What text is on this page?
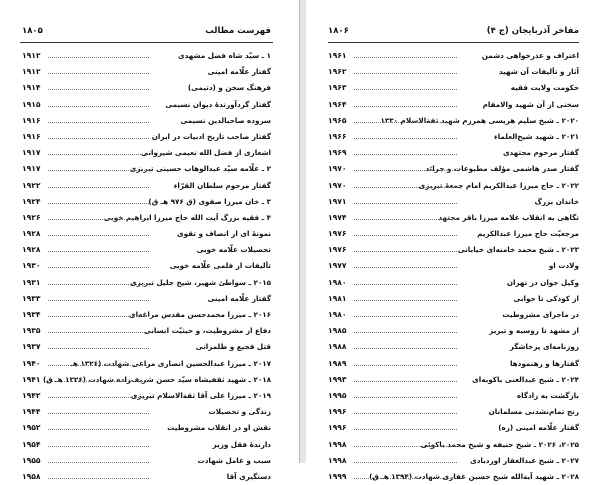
فهرست مطالب
۱۸۰۵
۱ ـ سیّد شاه فضل مشهدی
۱۹۱۲
گفتار علّامه امینی
۱۹۱۲
فرهنگ سخن و (دتیمی)
۱۹۱۴
گفتار گردآورندهٔ دیوان نسیمی
۱۹۱۵
سروده صاحبالدین نسیمی
۱۹۱۶
گفتار صاحب تاریخ ادبیات در ایران
۱۹۱۶
اشعاری از فضل الله نعیمی شیروانی
۱۹۱۷
۲ ـ علّامه سیّد عبدالوهاب حسینی تبریزی
۱۹۱۷
گفتار مرحوم سلطان القرّاء
۱۹۲۲
۳ ـ خان میرزا صفوی (ق ۹۷۶ هـ ق)
۱۹۲۴
۴ ـ فقیه بزرگ آیت الله حاج میرزا ابراهیم خوبی
۱۹۲۶
نمونهٔ ای از انصاف و تقوی
۱۹۲۸
تحصیلات علّامه خوبی
۱۹۲۸
تألیفات از فلمی علّامه خوبی
۱۹۳۰
۲۰۱۵ ـ سواطئ شهیر، شیخ جلیل تبریزی
۱۹۳۱
گفتار علّامه امینی
۱۹۳۳
۲۰۱۶ ـ میرزا محمدحسن مقدس مراغه‌ای
۱۹۳۴
دفاع از مشروطیت، و حیثیّت انسانی
۱۹۳۵
قتل فجیع و ظلمرانی
۱۹۳۷
۲۰۱۷ ـ میرزا عبدالحسین انصاری مراغی شهادت (۱۳۲۶ هـ
۱۹۴۰
۲۰۱۸ ـ شهید ثقفیشاه سیّد حسن شریف‌زاده شهادت (۱۳۲۶ هـ ق)
۱۹۴۱
۲۰۱۹ ـ میرزا علی آقا ثقةالاسلام تبریزی
۱۹۴۲
زندگی و تحصیلات
۱۹۴۴
نقش او در انقلاب مشروطیت
۱۹۵۲
دارندهٔ فقل وزیر
۱۹۵۴
سبب و عامل شهادت
۱۹۵۵
دستگیری آقا
۱۹۵۸
مفاخر آذربایجان (ج ۴)
۱۸۰۶
اعتراف و عذرخواهی دشمن
۱۹۶۱
آثار و تألیفات آن شهید
۱۹۶۲
حکومت ولایت فقیه
۱۹۶۳
سخنی از آن شهید والامقام
۱۹۶۴
۲۰۲۰ ـ شیخ سلیم هریسی همرزم شهید ثقةالاسلام ۱۳۳۰
۱۹۶۵
۲۰۲۱ ـ شهید شیخ‌العلماء
۱۹۶۶
گفتار مرحوم مجتهدی
۱۹۶۹
گفتار صدر هاشمی مؤلف مطبوعات و جرائد
۱۹۷۰
۲۰۲۲ ـ حاج میرزا عبدالکریم امام جمعهٔ تبریزی
۱۹۷۰
خاندان بزرگ
۱۹۷۱
تگاهی به انقلاب علامه میرزا باقر مجتهد
۱۹۷۴
مرجعیّت حاج میرزا عبدالکریم
۱۹۷۶
۲۰۲۳ ـ شیخ محمد خامنه‌ای خیابانی
۱۹۷۶
ولادت او
۱۹۷۷
وکیل جوان در تهران
۱۹۸۰
از کودکی تا جوانی
۱۹۸۱
در ماجرای مشروطیت
۱۹۸۰
از مشهد تا روسیه و تبریز
۱۹۸۵
روزنامه‌ای پرخاشگر
۱۹۸۸
گفتارها و رهنمودها
۱۹۸۹
۲۰۲۴ ـ شیخ عبدالغنی باکوبه‌ای
۱۹۹۳
بازگشت به زادگاه
۱۹۹۵
رنج تمام‌نشدنی مسلمانان
۱۹۹۶
گفتار علّامه امینی (ره)
۱۹۹۶
۲۰۲۵، ۲۰۲۶ ـ شیخ حنیفه و شیخ محمد باکوئی
۱۹۹۸
۲۰۲۷ ـ شیخ عبدالغفار اوردبادی
۱۹۹۸
۲۰۲۸ ـ شهید آیةالله شیخ حسین غفاری شهادت (۱۳۹۴ هـ ق)
۱۹۹۹
